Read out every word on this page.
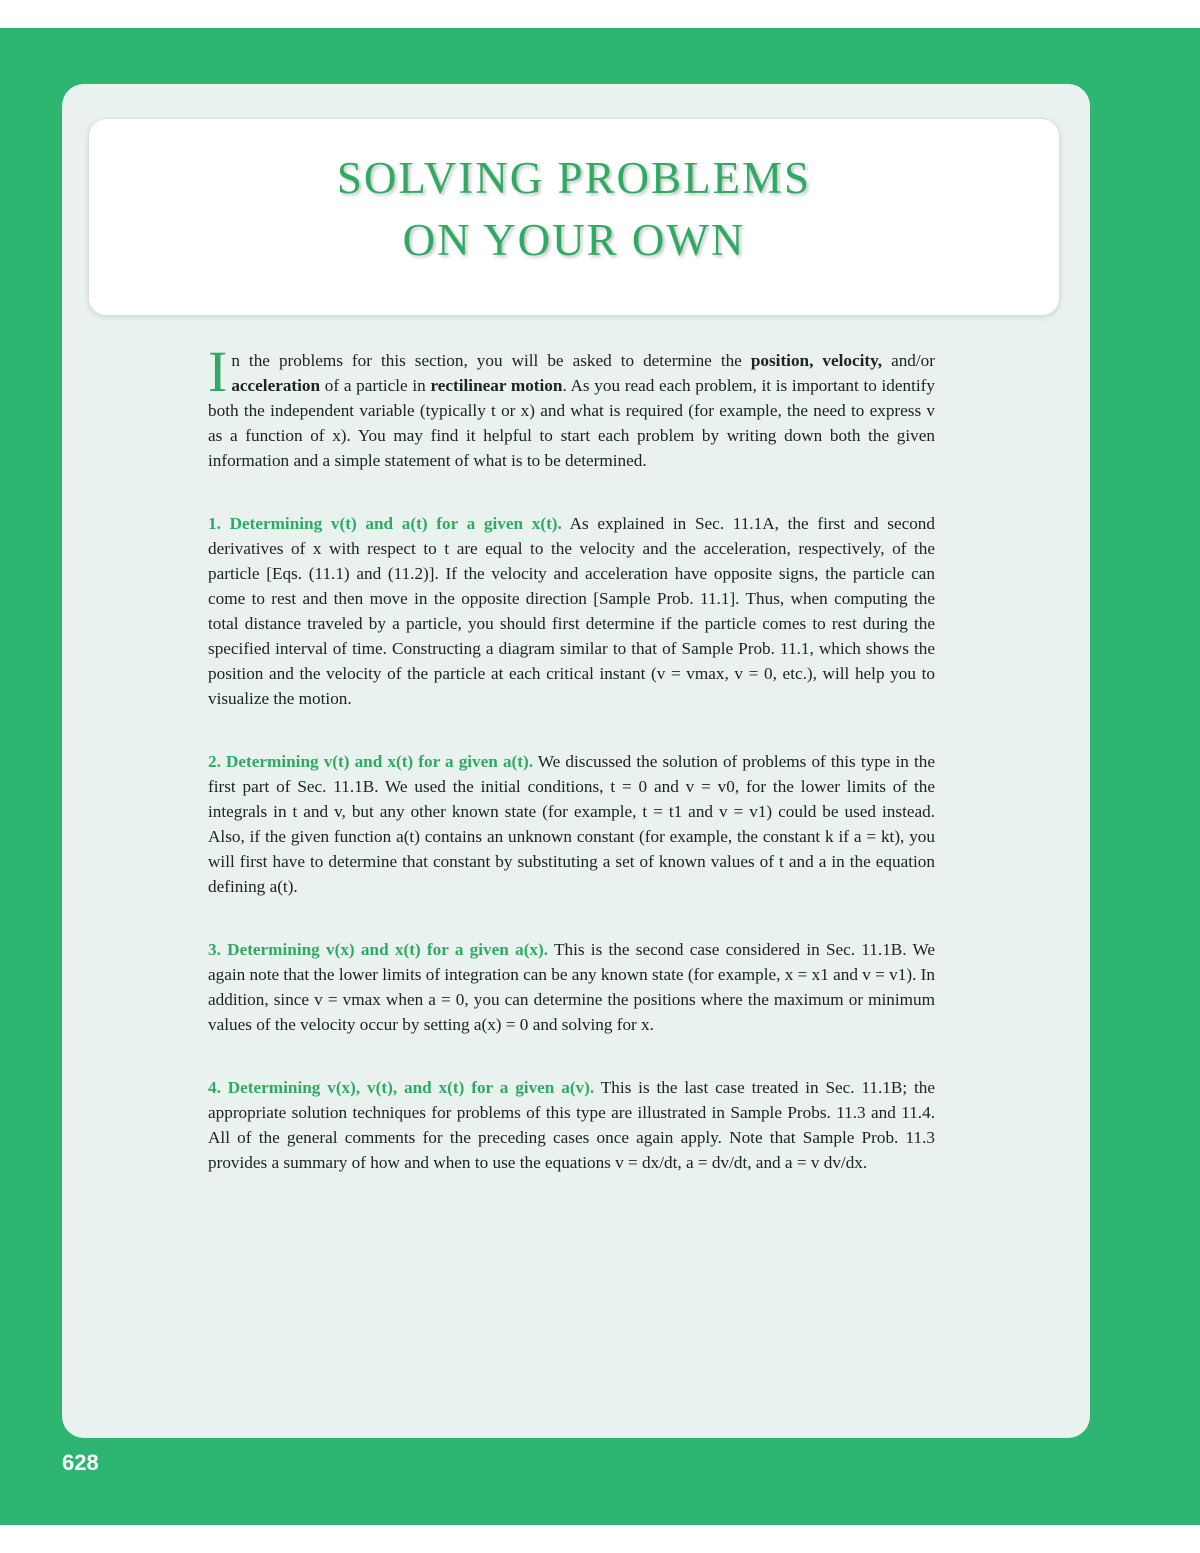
SOLVING PROBLEMS
ON YOUR OWN

In the problems for this section, you will be asked to determine the position, velocity, and/or acceleration of a particle in rectilinear motion. As you read each problem, it is important to identify both the independent variable (typically t or x) and what is required (for example, the need to express v as a function of x). You may find it helpful to start each problem by writing down both the given information and a simple statement of what is to be determined.

1. Determining v(t) and a(t) for a given x(t). As explained in Sec. 11.1A, the first and second derivatives of x with respect to t are equal to the velocity and the acceleration, respectively, of the particle [Eqs. (11.1) and (11.2)]. If the velocity and acceleration have opposite signs, the particle can come to rest and then move in the opposite direction [Sample Prob. 11.1]. Thus, when computing the total distance traveled by a particle, you should first determine if the particle comes to rest during the specified interval of time. Constructing a diagram similar to that of Sample Prob. 11.1, which shows the position and the velocity of the particle at each critical instant (v = vmax, v = 0, etc.), will help you to visualize the motion.

2. Determining v(t) and x(t) for a given a(t). We discussed the solution of problems of this type in the first part of Sec. 11.1B. We used the initial conditions, t = 0 and v = v0, for the lower limits of the integrals in t and v, but any other known state (for example, t = t1 and v = v1) could be used instead. Also, if the given function a(t) contains an unknown constant (for example, the constant k if a = kt), you will first have to determine that constant by substituting a set of known values of t and a in the equation defining a(t).

3. Determining v(x) and x(t) for a given a(x). This is the second case considered in Sec. 11.1B. We again note that the lower limits of integration can be any known state (for example, x = x1 and v = v1). In addition, since v = vmax when a = 0, you can determine the positions where the maximum or minimum values of the velocity occur by setting a(x) = 0 and solving for x.

4. Determining v(x), v(t), and x(t) for a given a(v). This is the last case treated in Sec. 11.1B; the appropriate solution techniques for problems of this type are illustrated in Sample Probs. 11.3 and 11.4. All of the general comments for the preceding cases once again apply. Note that Sample Prob. 11.3 provides a summary of how and when to use the equations v = dx/dt, a = dv/dt, and a = v dv/dx.

628
